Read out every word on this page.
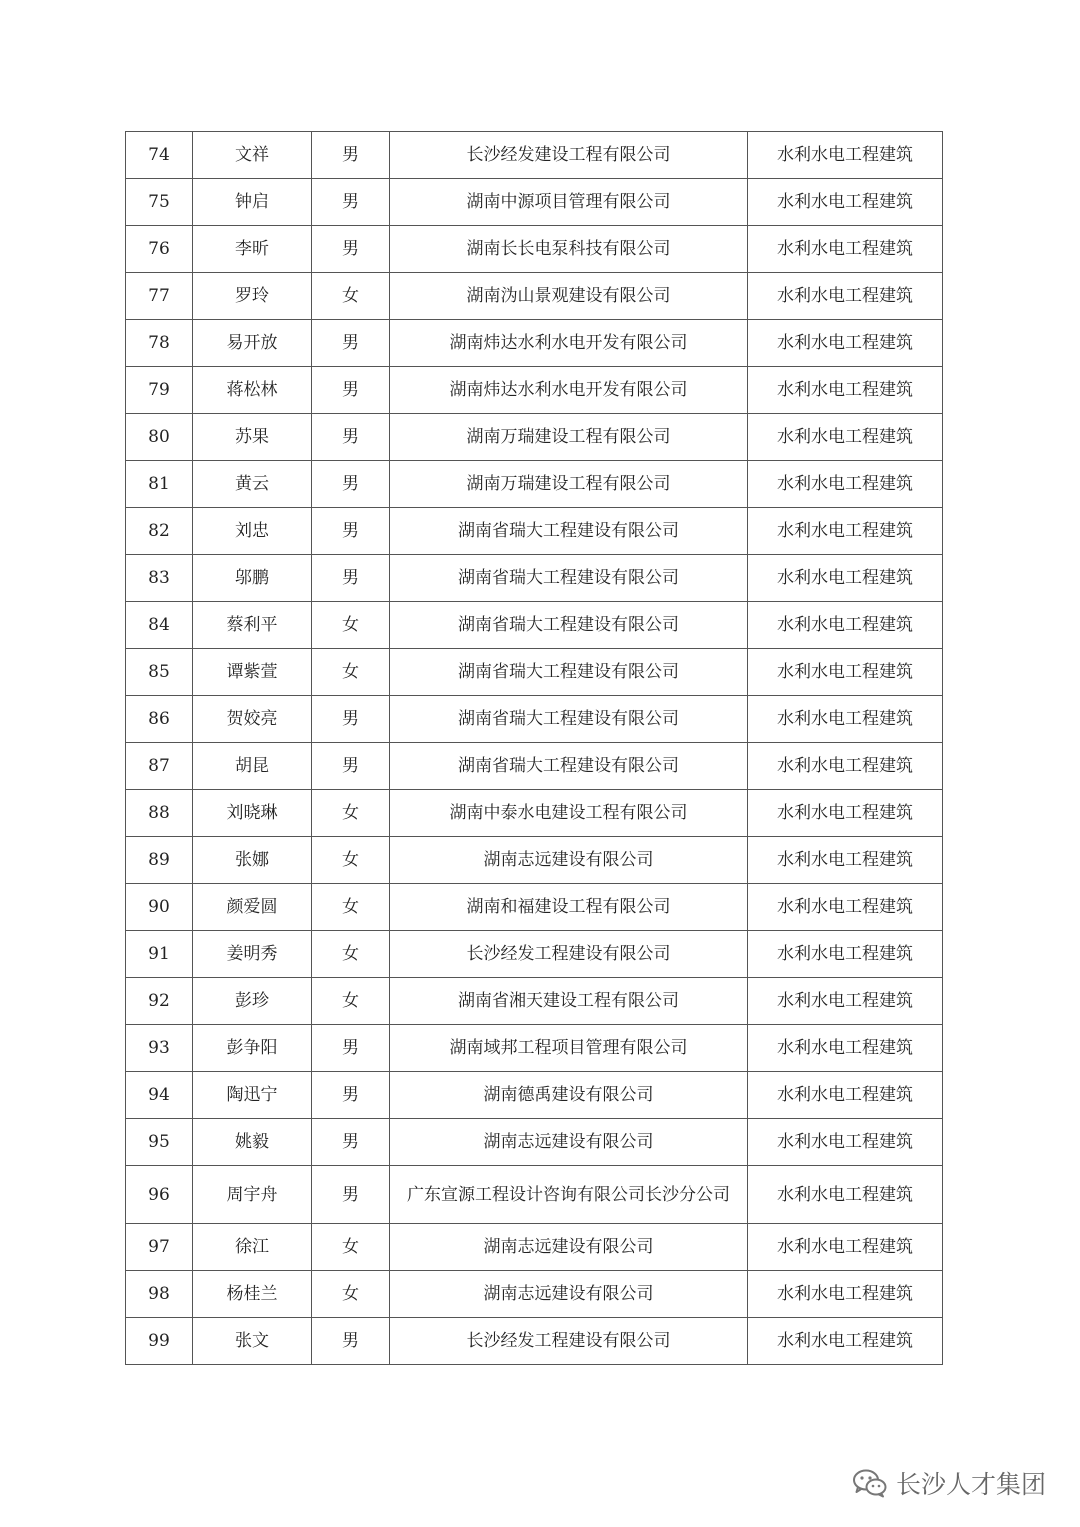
74	文祥	男	长沙经发建设工程有限公司	水利水电工程建筑
75	钟启	男	湖南中源项目管理有限公司	水利水电工程建筑
76	李昕	男	湖南长长电泵科技有限公司	水利水电工程建筑
77	罗玲	女	湖南沩山景观建设有限公司	水利水电工程建筑
78	易开放	男	湖南炜达水利水电开发有限公司	水利水电工程建筑
79	蒋松林	男	湖南炜达水利水电开发有限公司	水利水电工程建筑
80	苏果	男	湖南万瑞建设工程有限公司	水利水电工程建筑
81	黄云	男	湖南万瑞建设工程有限公司	水利水电工程建筑
82	刘忠	男	湖南省瑞大工程建设有限公司	水利水电工程建筑
83	邬鹏	男	湖南省瑞大工程建设有限公司	水利水电工程建筑
84	蔡利平	女	湖南省瑞大工程建设有限公司	水利水电工程建筑
85	谭紫萱	女	湖南省瑞大工程建设有限公司	水利水电工程建筑
86	贺姣亮	男	湖南省瑞大工程建设有限公司	水利水电工程建筑
87	胡昆	男	湖南省瑞大工程建设有限公司	水利水电工程建筑
88	刘晓琳	女	湖南中泰水电建设工程有限公司	水利水电工程建筑
89	张娜	女	湖南志远建设有限公司	水利水电工程建筑
90	颜爱圆	女	湖南和福建设工程有限公司	水利水电工程建筑
91	姜明秀	女	长沙经发工程建设有限公司	水利水电工程建筑
92	彭珍	女	湖南省湘天建设工程有限公司	水利水电工程建筑
93	彭争阳	男	湖南域邦工程项目管理有限公司	水利水电工程建筑
94	陶迅宁	男	湖南德禹建设有限公司	水利水电工程建筑
95	姚毅	男	湖南志远建设有限公司	水利水电工程建筑
96	周宇舟	男	广东宣源工程设计咨询有限公司长沙分公司	水利水电工程建筑
97	徐江	女	湖南志远建设有限公司	水利水电工程建筑
98	杨桂兰	女	湖南志远建设有限公司	水利水电工程建筑
99	张文	男	长沙经发工程建设有限公司	水利水电工程建筑
长沙人才集团
